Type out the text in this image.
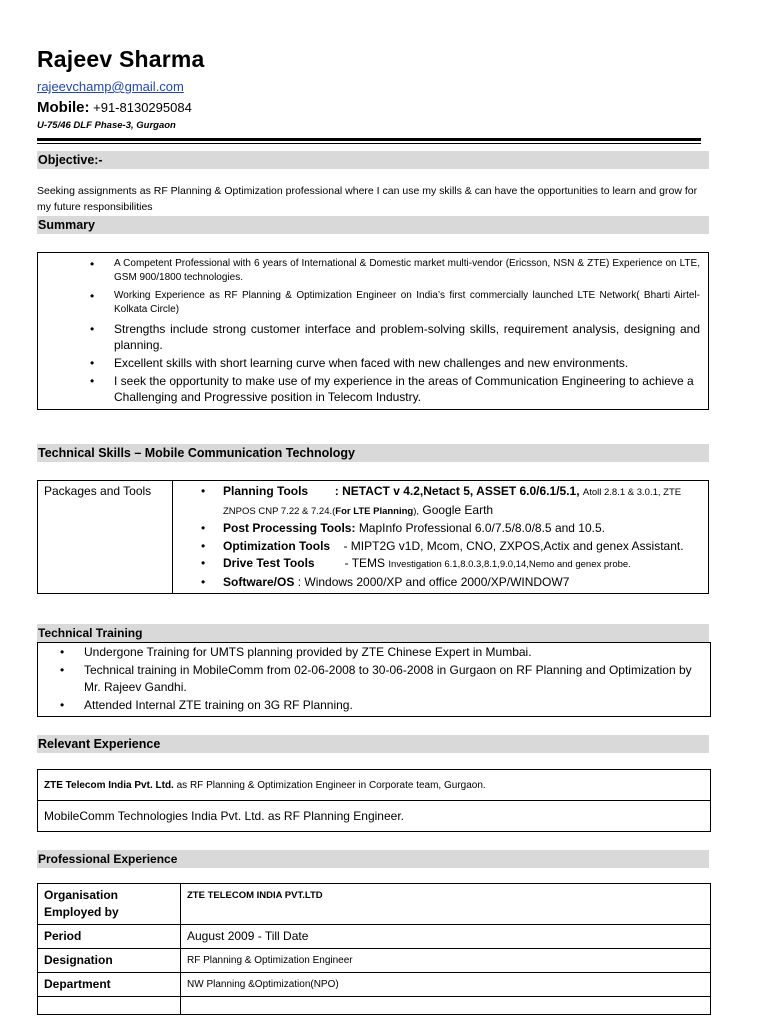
Rajeev Sharma
rajeevchamp@gmail.com
Mobile: +91-8130295084
U-75/46 DLF Phase-3, Gurgaon
Objective:-
Seeking assignments as RF Planning & Optimization professional where I can use my skills & can have the opportunities to learn and grow for my future responsibilities
Summary
• A Competent Professional with 6 years of International & Domestic market multi-vendor (Ericsson, NSN & ZTE) Experience on LTE, GSM 900/1800 technologies.
• Working Experience as RF Planning & Optimization Engineer on India’s first commercially launched LTE Network( Bharti Airtel-Kolkata Circle)
• Strengths include strong customer interface and problem-solving skills, requirement analysis, designing and planning.
• Excellent skills with short learning curve when faced with new challenges and new environments.
• I seek the opportunity to make use of my experience in the areas of Communication Engineering to achieve a Challenging and Progressive position in Telecom Industry.
Technical Skills – Mobile Communication Technology
Packages and Tools	
•Planning Tools : NETACT v 4.2,Netact 5, ASSET 6.0/6.1/5.1, Atoll 2.8.1 & 3.0.1, ZTE ZNPOS CNP 7.22 & 7.24.(For LTE Planning), Google Earth
• Post Processing Tools: MapInfo Professional 6.0/7.5/8.0/8.5 and 10.5.
• Optimization Tools - MIPT2G v1D, Mcom, CNO, ZXPOS,Actix and genex Assistant.
• Drive Test Tools	- TEMS Investigation 6.1,8.0.3,8.1,9.0,14,Nemo and genex probe.
• Software/OS : Windows 2000/XP and office 2000/XP/WINDOW7
Technical Training
• Undergone Training for UMTS planning provided by ZTE Chinese Expert in Mumbai.
• Technical training in MobileComm from 02-06-2008 to 30-06-2008 in Gurgaon on RF Planning and Optimization by Mr. Rajeev Gandhi.
• Attended Internal ZTE training on 3G RF Planning.
Relevant Experience
ZTE Telecom India Pvt. Ltd. as RF Planning & Optimization Engineer in Corporate team, Gurgaon.
MobileComm Technologies India Pvt. Ltd. as RF Planning Engineer.
Professional Experience
Organisation Employed by	ZTE TELECOM INDIA PVT.LTD
Period	August 2009 - Till Date
Designation	RF Planning & Optimization Engineer
Department	NW Planning &Optimization(NPO)
